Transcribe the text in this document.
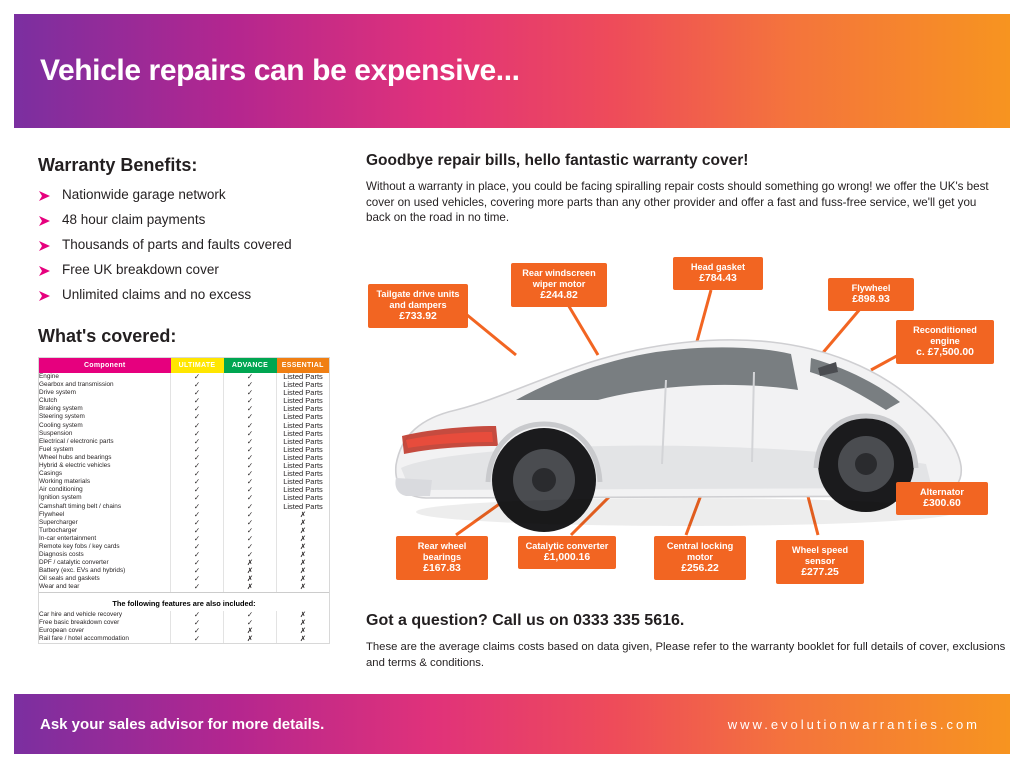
Vehicle repairs can be expensive...
Warranty Benefits:
Nationwide garage network
48 hour claim payments
Thousands of parts and faults covered
Free UK breakdown cover
Unlimited claims and no excess
What's covered:
Component	ULTIMATE	ADVANCE	ESSENTIAL
Engine	✓	✓	Listed Parts
Gearbox and transmission	✓	✓	Listed Parts
Drive system	✓	✓	Listed Parts
Clutch	✓	✓	Listed Parts
Braking system	✓	✓	Listed Parts
Steering system	✓	✓	Listed Parts
Cooling system	✓	✓	Listed Parts
Suspension	✓	✓	Listed Parts
Electrical / electronic parts	✓	✓	Listed Parts
Fuel system	✓	✓	Listed Parts
Wheel hubs and bearings	✓	✓	Listed Parts
Hybrid & electric vehicles	✓	✓	Listed Parts
Casings	✓	✓	Listed Parts
Working materials	✓	✓	Listed Parts
Air conditioning	✓	✓	Listed Parts
Ignition system	✓	✓	Listed Parts
Camshaft timing belt / chains	✓	✓	Listed Parts
Flywheel	✓	✓	✗
Supercharger	✓	✓	✗
Turbocharger	✓	✓	✗
In-car entertainment	✓	✓	✗
Remote key fobs / key cards	✓	✓	✗
Diagnosis costs	✓	✓	✗
DPF / catalytic converter	✓	✗	✗
Battery (exc. EVs and hybrids)	✓	✗	✗
Oil seals and gaskets	✓	✗	✗
Wear and tear	✓	✗	✗
The following features are also included:
Car hire and vehicle recovery	✓	✓	✗
Free basic breakdown cover	✓	✓	✗
European cover	✓	✗	✗
Rail fare / hotel accommodation	✓	✗	✗
Goodbye repair bills, hello fantastic warranty cover!

Without a warranty in place, you could be facing spiralling repair costs should something go wrong! we offer the UK's best cover on used vehicles, covering more parts than any other provider and offer a fast and fuss-free service, we'll get you back on the road in no time.

Tailgate drive units and dampers
£733.92
Rear windscreen wiper motor
£244.82
Head gasket
£784.43
Flywheel
£898.93
Reconditioned engine
c. £7,500.00
Alternator
£300.60
Rear wheel bearings
£167.83
Catalytic converter
£1,000.16
Central locking motor
£256.22
Wheel speed sensor
£277.25
Got a question? Call us on 0333 335 5616.

These are the average claims costs based on data given, Please refer to the warranty booklet for full details of cover, exclusions and terms & conditions.

Ask your sales advisor for more details.	www.evolutionwarranties.com
